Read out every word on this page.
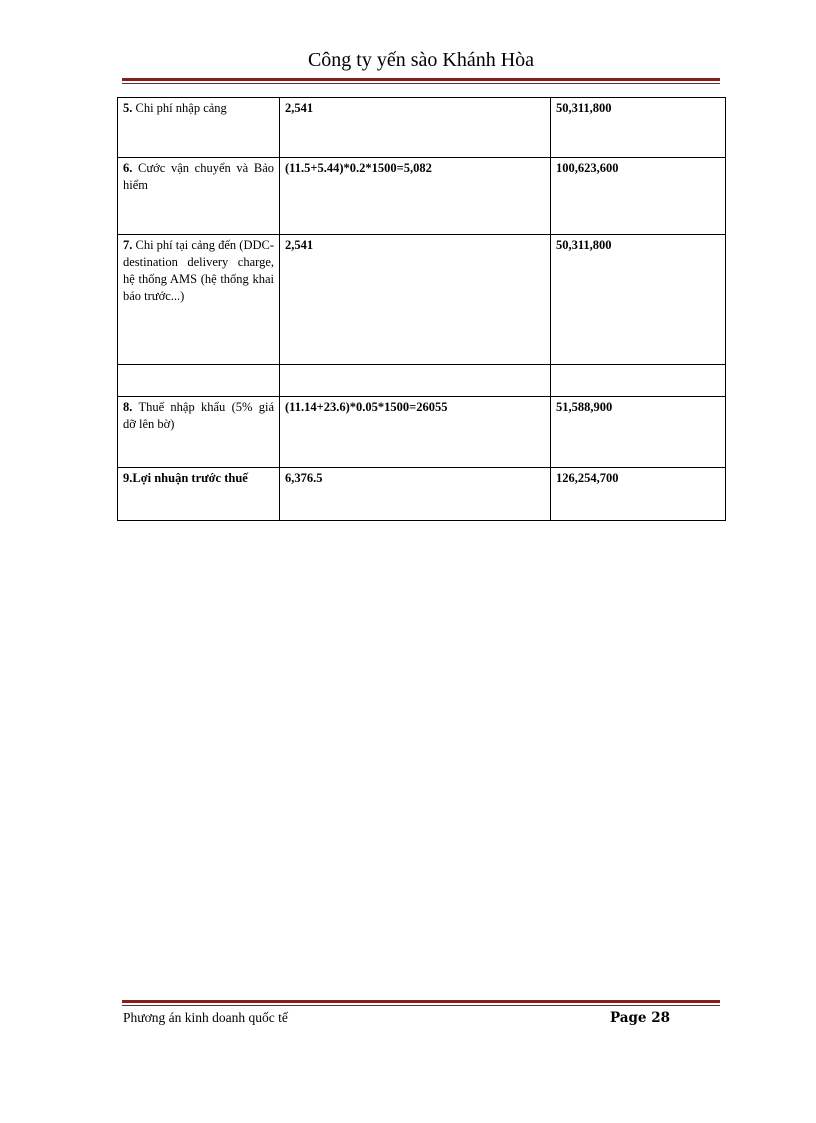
Công ty yến sào Khánh Hòa
5. Chi phí nhập cảng	2,541	50,311,800
6. Cước vận chuyển và Bảo hiểm	(11.5+5.44)*0.2*1500=5,082	100,623,600
7. Chi phí tại cảng đến (DDC-destination delivery charge, hệ thống AMS (hệ thống khai báo trước...)	2,541	50,311,800

8. Thuế nhập khẩu (5% giá dỡ lên bờ)	(11.14+23.6)*0.05*1500=26055	51,588,900
9.Lợi nhuận trước thuế	6,376.5	126,254,700
Phương án kinh doanh quốc tế	Page 28
